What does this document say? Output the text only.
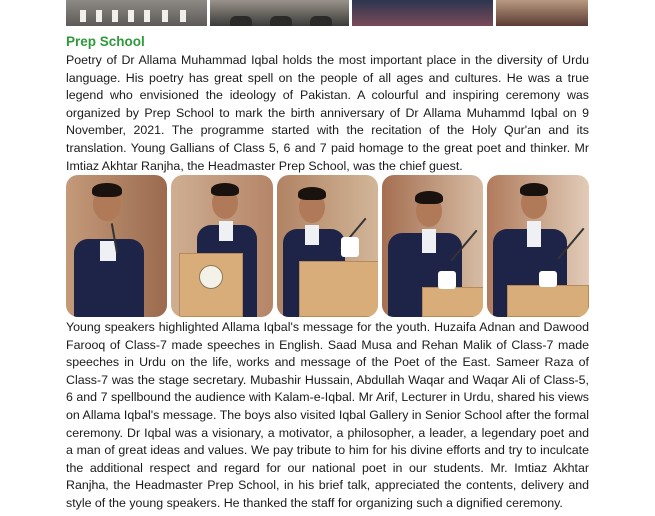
Prep School

Poetry of Dr Allama Muhammad Iqbal holds the most important place in the diversity of Urdu language. His poetry has great spell on the people of all ages and cultures. He was a true legend who envisioned the ideology of Pakistan. A colourful and inspiring ceremony was organized by Prep School to mark the birth anniversary of Dr Allama Muhammd Iqbal on 9 November, 2021. The programme started with the recitation of the Holy Qur'an and its translation. Young Gallians of Class 5, 6 and 7 paid homage to the great poet and thinker. Mr Imtiaz Akhtar Ranjha, the Headmaster Prep School, was the chief guest.

Young speakers highlighted Allama Iqbal's message for the youth. Huzaifa Adnan and Dawood Farooq of Class-7 made speeches in English. Saad Musa and Rehan Malik of Class-7 made speeches in Urdu on the life, works and message of the Poet of the East. Sameer Raza of Class-7 was the stage secretary. Mubashir Hussain, Abdullah Waqar and Waqar Ali of Class-5, 6 and 7 spellbound the audience with Kalam-e-Iqbal. Mr Arif, Lecturer in Urdu, shared his views on Allama Iqbal's message. The boys also visited Iqbal Gallery in Senior School after the formal ceremony. Dr Iqbal was a visionary, a motivator, a philosopher, a leader, a legendary poet and a man of great ideas and values. We pay tribute to him for his divine efforts and try to inculcate the additional respect and regard for our national poet in our students. Mr. Imtiaz Akhtar Ranjha, the Headmaster Prep School, in his brief talk, appreciated the contents, delivery and style of the young speakers. He thanked the staff for organizing such a dignified ceremony.
